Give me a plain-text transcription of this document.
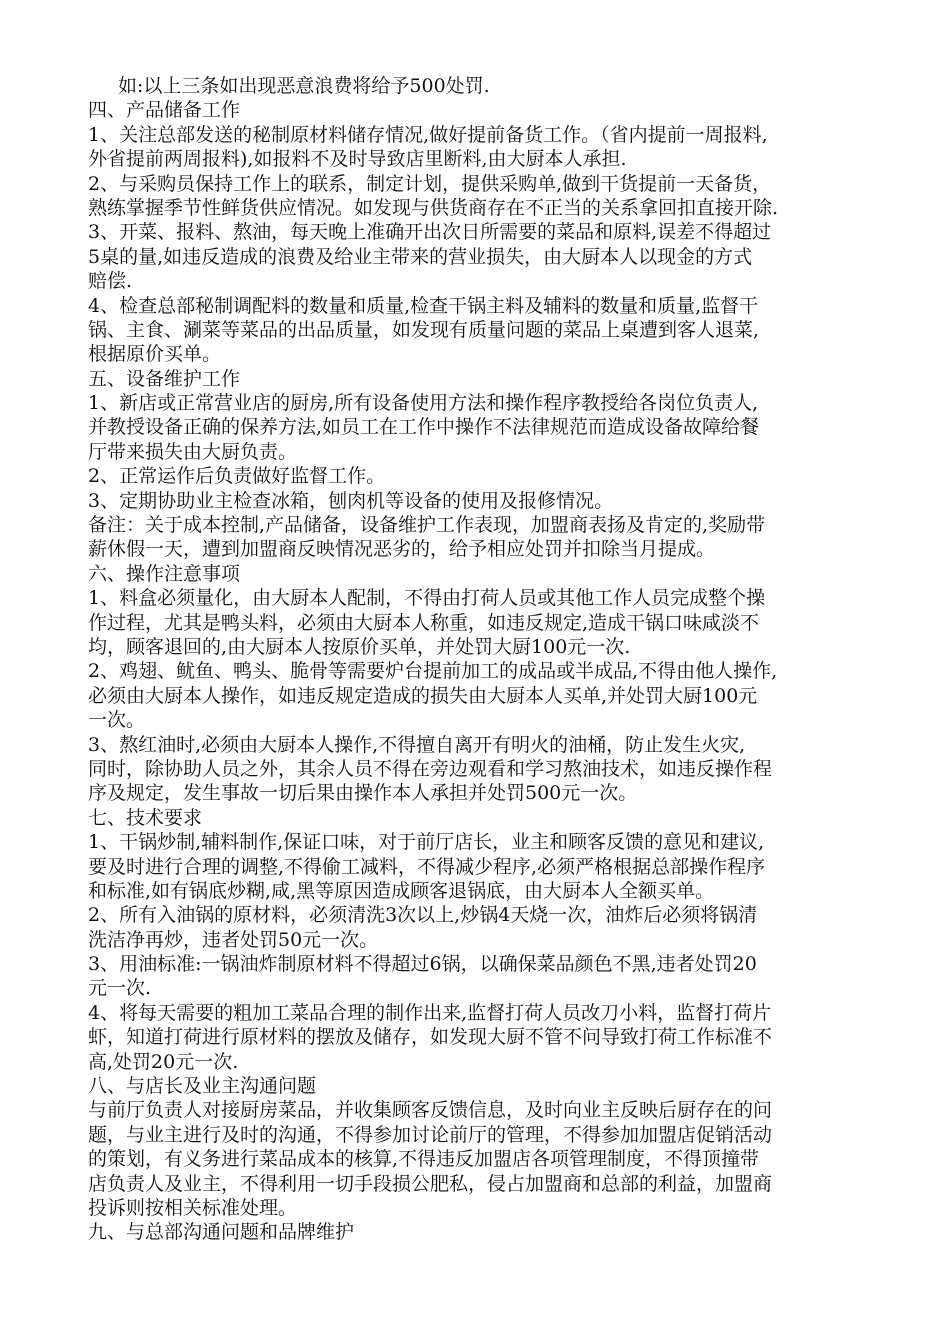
如:以上三条如出现恶意浪费将给予500处罚.
四、产品储备工作
1、关注总部发送的秘制原材料储存情况,做好提前备货工作。（省内提前一周报料,
外省提前两周报料),如报料不及时导致店里断料,由大厨本人承担.
2、与采购员保持工作上的联系，制定计划，提供采购单,做到干货提前一天备货，
熟练掌握季节性鲜货供应情况。如发现与供货商存在不正当的关系拿回扣直接开除.
3、开菜、报料、熬油，每天晚上准确开出次日所需要的菜品和原料,误差不得超过
5桌的量,如违反造成的浪费及给业主带来的营业损失，由大厨本人以现金的方式
赔偿.
4、检查总部秘制调配料的数量和质量,检查干锅主料及辅料的数量和质量,监督干
锅、主食、涮菜等菜品的出品质量，如发现有质量问题的菜品上桌遭到客人退菜,
根据原价买单。
五、设备维护工作
1、新店或正常营业店的厨房,所有设备使用方法和操作程序教授给各岗位负责人,
并教授设备正确的保养方法,如员工在工作中操作不法律规范而造成设备故障给餐
厅带来损失由大厨负责。
2、正常运作后负责做好监督工作。
3、定期协助业主检查冰箱，刨肉机等设备的使用及报修情况。
备注：关于成本控制,产品储备，设备维护工作表现，加盟商表扬及肯定的,奖励带
薪休假一天，遭到加盟商反映情况恶劣的，给予相应处罚并扣除当月提成。
六、操作注意事项
1、料盒必须量化，由大厨本人配制，不得由打荷人员或其他工作人员完成整个操
作过程，尤其是鸭头料，必须由大厨本人称重，如违反规定,造成干锅口味咸淡不
均，顾客退回的,由大厨本人按原价买单，并处罚大厨100元一次.
2、鸡翅、鱿鱼、鸭头、脆骨等需要炉台提前加工的成品或半成品,不得由他人操作,
必须由大厨本人操作，如违反规定造成的损失由大厨本人买单,并处罚大厨100元
一次。
3、熬红油时,必须由大厨本人操作,不得擅自离开有明火的油桶，防止发生火灾,
同时，除协助人员之外，其余人员不得在旁边观看和学习熬油技术，如违反操作程
序及规定，发生事故一切后果由操作本人承担并处罚500元一次。
七、技术要求
1、干锅炒制,辅料制作,保证口味，对于前厅店长，业主和顾客反馈的意见和建议,
要及时进行合理的调整,不得偷工减料，不得减少程序,必须严格根据总部操作程序
和标准,如有锅底炒糊,咸,黑等原因造成顾客退锅底，由大厨本人全额买单。
2、所有入油锅的原材料，必须清洗3次以上,炒锅4天烧一次，油炸后必须将锅清
洗洁净再炒，违者处罚50元一次。
3、用油标准:一锅油炸制原材料不得超过6锅，以确保菜品颜色不黑,违者处罚20
元一次.
4、将每天需要的粗加工菜品合理的制作出来,监督打荷人员改刀小料，监督打荷片
虾，知道打荷进行原材料的摆放及储存，如发现大厨不管不问导致打荷工作标准不
高,处罚20元一次.
八、与店长及业主沟通问题
与前厅负责人对接厨房菜品，并收集顾客反馈信息，及时向业主反映后厨存在的问
题，与业主进行及时的沟通，不得参加讨论前厅的管理，不得参加加盟店促销活动
的策划，有义务进行菜品成本的核算,不得违反加盟店各项管理制度，不得顶撞带
店负责人及业主，不得利用一切手段损公肥私，侵占加盟商和总部的利益，加盟商
投诉则按相关标准处理。
九、与总部沟通问题和品牌维护
